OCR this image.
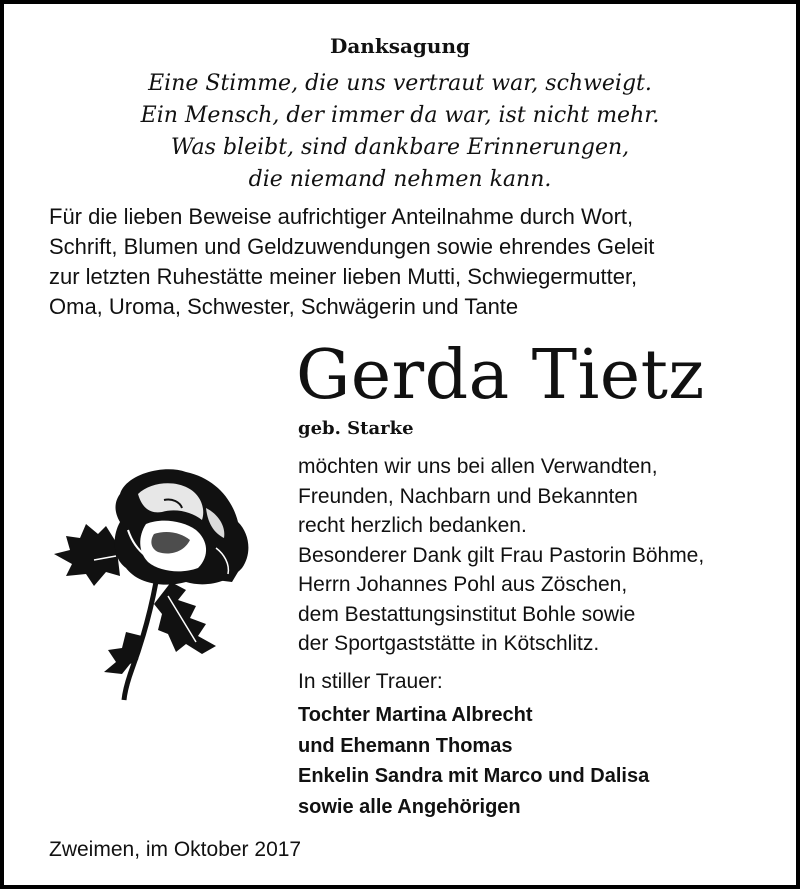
Danksagung
Eine Stimme, die uns vertraut war, schweigt.
Ein Mensch, der immer da war, ist nicht mehr.
Was bleibt, sind dankbare Erinnerungen,
die niemand nehmen kann.
Für die lieben Beweise aufrichtiger Anteilnahme durch Wort,
Schrift, Blumen und Geldzuwendungen sowie ehrendes Geleit
zur letzten Ruhestätte meiner lieben Mutti, Schwiegermutter,
Oma, Uroma, Schwester, Schwägerin und Tante
Gerda Tietz
geb. Starke
möchten wir uns bei allen Verwandten,
Freunden, Nachbarn und Bekannten
recht herzlich bedanken.
Besonderer Dank gilt Frau Pastorin Böhme,
Herrn Johannes Pohl aus Zöschen,
dem Bestattungsinstitut Bohle sowie
der Sportgaststätte in Kötschlitz.
In stiller Trauer:
Tochter Martina Albrecht
und Ehemann Thomas
Enkelin Sandra mit Marco und Dalisa
sowie alle Angehörigen
Zweimen, im Oktober 2017
